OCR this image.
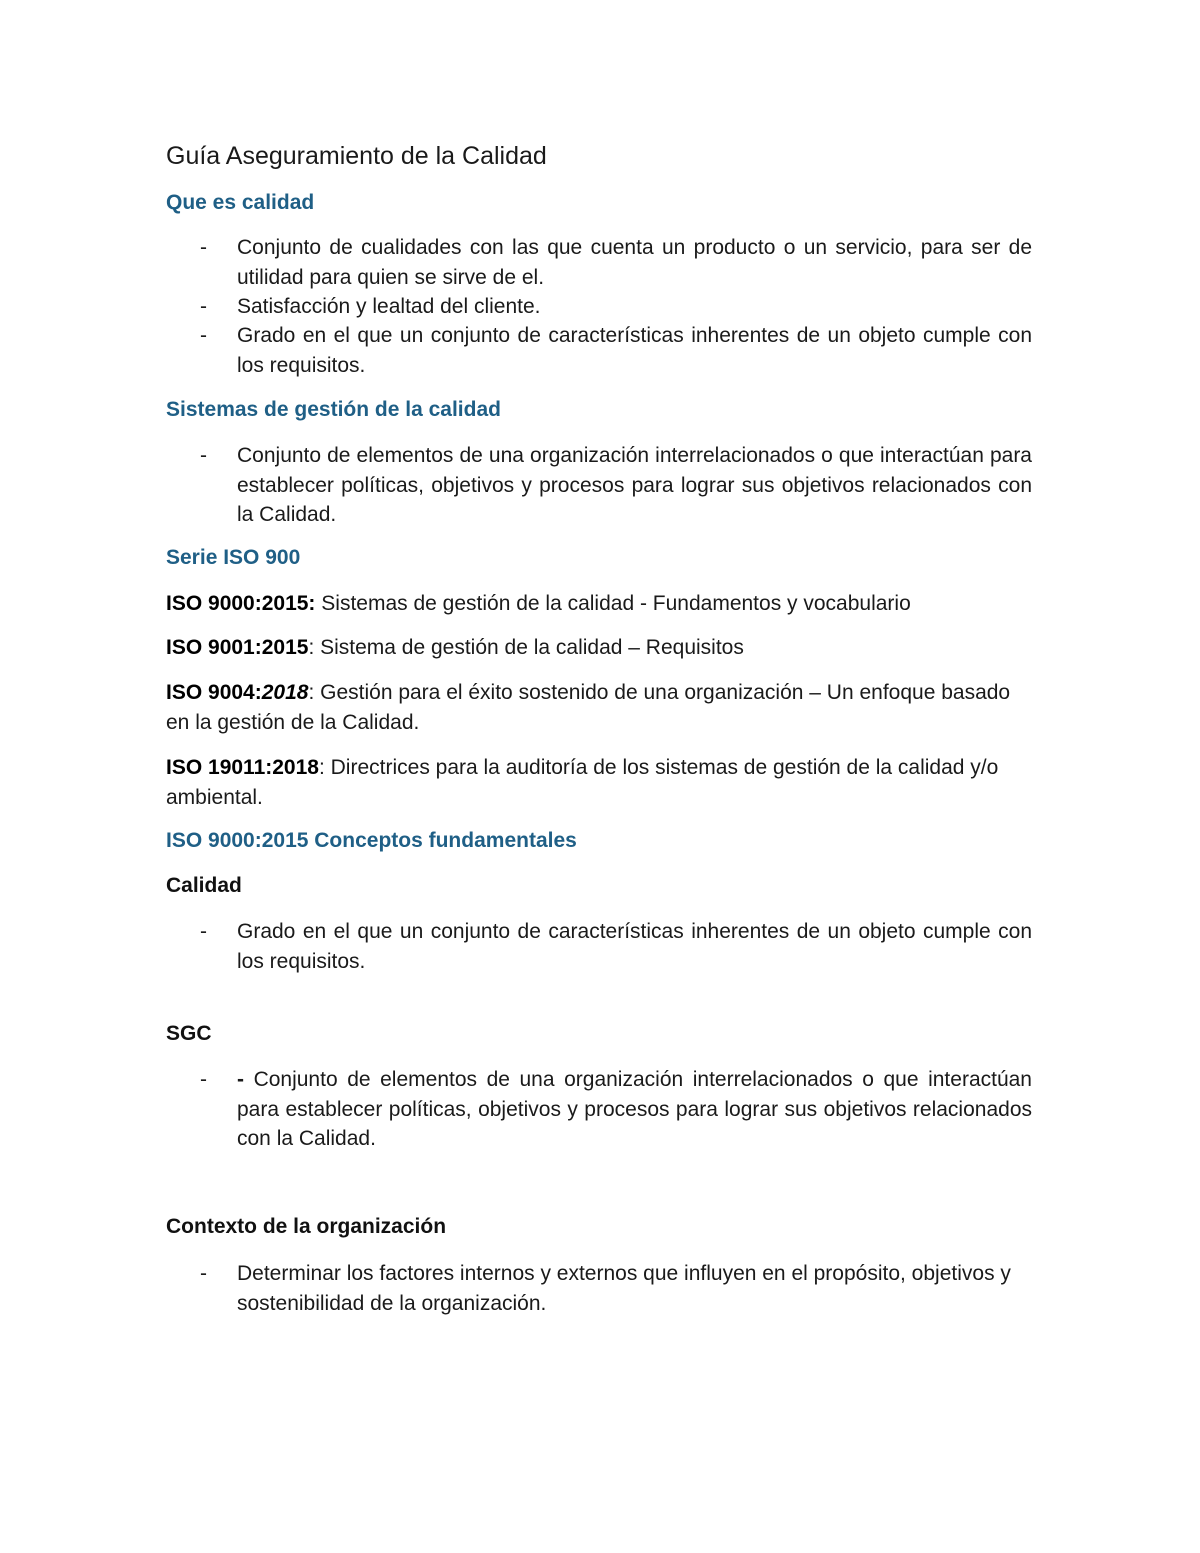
Guía Aseguramiento de la Calidad
Que es calidad
- Conjunto de cualidades con las que cuenta un producto o un servicio, para ser de utilidad para quien se sirve de el.
- Satisfacción y lealtad del cliente.
- Grado en el que un conjunto de características inherentes de un objeto cumple con los requisitos.
Sistemas de gestión de la calidad
- Conjunto de elementos de una organización interrelacionados o que interactúan para establecer políticas, objetivos y procesos para lograr sus objetivos relacionados con la Calidad.
Serie ISO 900
ISO 9000:2015: Sistemas de gestión de la calidad - Fundamentos y vocabulario
ISO 9001:2015: Sistema de gestión de la calidad – Requisitos
ISO 9004:2018: Gestión para el éxito sostenido de una organización – Un enfoque basado en la gestión de la Calidad.
ISO 19011:2018: Directrices para la auditoría de los sistemas de gestión de la calidad y/o ambiental.
ISO 9000:2015 Conceptos fundamentales
Calidad
- Grado en el que un conjunto de características inherentes de un objeto cumple con los requisitos.
SGC
- - Conjunto de elementos de una organización interrelacionados o que interactúan para establecer políticas, objetivos y procesos para lograr sus objetivos relacionados con la Calidad.
Contexto de la organización
- Determinar los factores internos y externos que influyen en el propósito, objetivos y sostenibilidad de la organización.
